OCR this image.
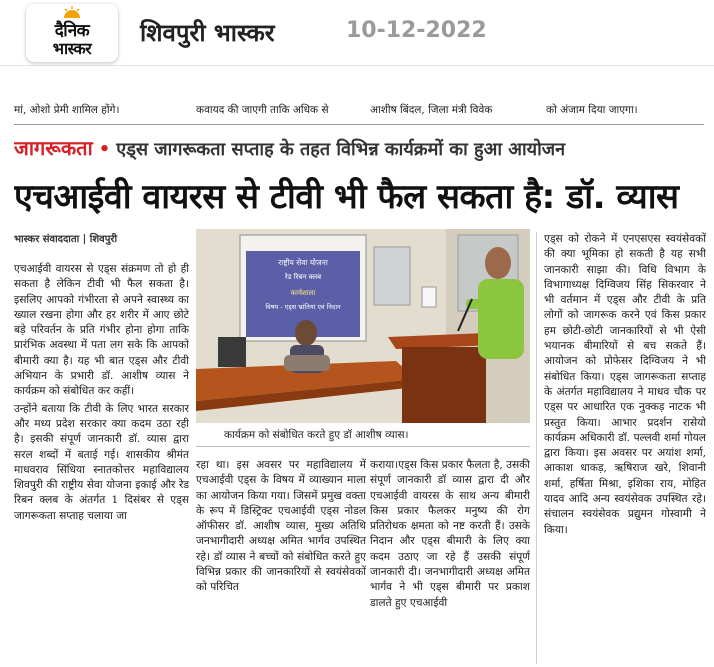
दैनिक
भास्कर
शिवपुरी भास्कर	10-12-2022
मां, ओशो प्रेमी शामिल होंगे।	कवायद की जाएगी ताकि अधिक से	आशीष बिंदल, जिला मंत्री विवेक	को अंजाम दिया जाएगा।
जागरूकता • एड्स जागरूकता सप्ताह के तहत विभिन्न कार्यक्रमों का हुआ आयोजन
एचआईवी वायरस से टीवी भी फैल सकता है: डॉ. व्यास
भास्कर संवाददाता | शिवपुरी

एचआईवी वायरस से एड्स संक्रमण तो हो ही सकता है लेकिन टीवी भी फैल सकता है। इसलिए आपको गंभीरता से अपने स्वास्थ्य का ख्याल रखना होगा और हर शरीर में आए छोटे बड़े परिवर्तन के प्रति गंभीर होना होगा ताकि प्रारंभिक अवस्था में पता लग सके कि आपको बीमारी क्या है। यह भी बात एड्स और टीवी अभियान के प्रभारी डॉ. आशीष व्यास ने कार्यक्रम को संबोधित कर कहीं।

उन्होंने बताया कि टीवी के लिए भारत सरकार और मध्य प्रदेश सरकार क्या कदम उठा रही है। इसकी संपूर्ण जानकारी डॉ. व्यास द्वारा सरल शब्दों में बताई गई। शासकीय श्रीमंत माधवराव सिंधिया स्नातकोत्तर महाविद्यालय शिवपुरी की राष्ट्रीय सेवा योजना इकाई और रेड रिबन क्लब के अंतर्गत 1 दिसंबर से एड्स जागरूकता सप्ताह चलाया जा

राष्ट्रीय सेवा योजना
रेड रिबन क्लब
कार्यशाला
विषय - एड्स भ्रांतियां एवं निदान
कार्यक्रम को संबोधित करते हुए डॉ आशीष व्यास।
रहा था। इस अवसर पर महाविद्यालय में एचआईवी एड्स के विषय में व्याख्यान माला का आयोजन किया गया। जिसमें प्रमुख वक्ता के रूप में डिस्ट्रिक्ट एचआईवी एड्स नोडल ऑफीसर डॉ. आशीष व्यास, मुख्य अतिथि जनभागीदारी अध्यक्ष अमित भार्गव उपस्थित रहे। डॉ व्यास ने बच्चों को संबोधित करते हुए विभिन्न प्रकार की जानकारियों से स्वयंसेवकों को परिचित
कराया।एड्स किस प्रकार फैलता है, उसकी संपूर्ण जानकारी डॉ व्यास द्वारा दी और एचआईवी वायरस के साथ अन्य बीमारी किस प्रकार फैलकर मनुष्य की रोग प्रतिरोधक क्षमता को नष्ट करती हैं। उसके निदान और एड्स बीमारी के लिए क्या कदम उठाए जा रहे हैं उसकी संपूर्ण जानकारी दी। जनभागीदारी अध्यक्ष अमित भार्गव ने भी एड्स बीमारी पर प्रकाश डालते हुए एचआईवी
एड्स को रोकने में एनएसएस स्वयंसेवकों की क्या भूमिका हो सकती है यह सभी जानकारी साझा की। विधि विभाग के विभागाध्यक्ष दिग्विजय सिंह सिकरवार ने भी वर्तमान में एड्स और टीवी के प्रति लोगों को जागरूक करने एवं किस प्रकार हम छोटी-छोटी जानकारियों से भी ऐसी भयानक बीमारियों से बच सकते हैं। आयोजन को प्रोफेसर दिग्विजय ने भी संबोधित किया। एड्स जागरूकता सप्ताह के अंतर्गत महाविद्यालय ने माधव चौक पर एड्स पर आधारित एक नुक्कड़ नाटक भी प्रस्तुत किया। आभार प्रदर्शन रासेयो कार्यक्रम अधिकारी डॉ. पल्लवी शर्मा गोयल द्वारा किया। इस अवसर पर अयांश शर्मा, आकाश धाकड़, ऋषिराज खरे, शिवानी शर्मा, हर्षिता मिश्रा, इशिका राय, मोहित यादव आदि अन्य स्वयंसेवक उपस्थित रहे। संचालन स्वयंसेवक प्रद्युमन गोस्वामी ने किया।
